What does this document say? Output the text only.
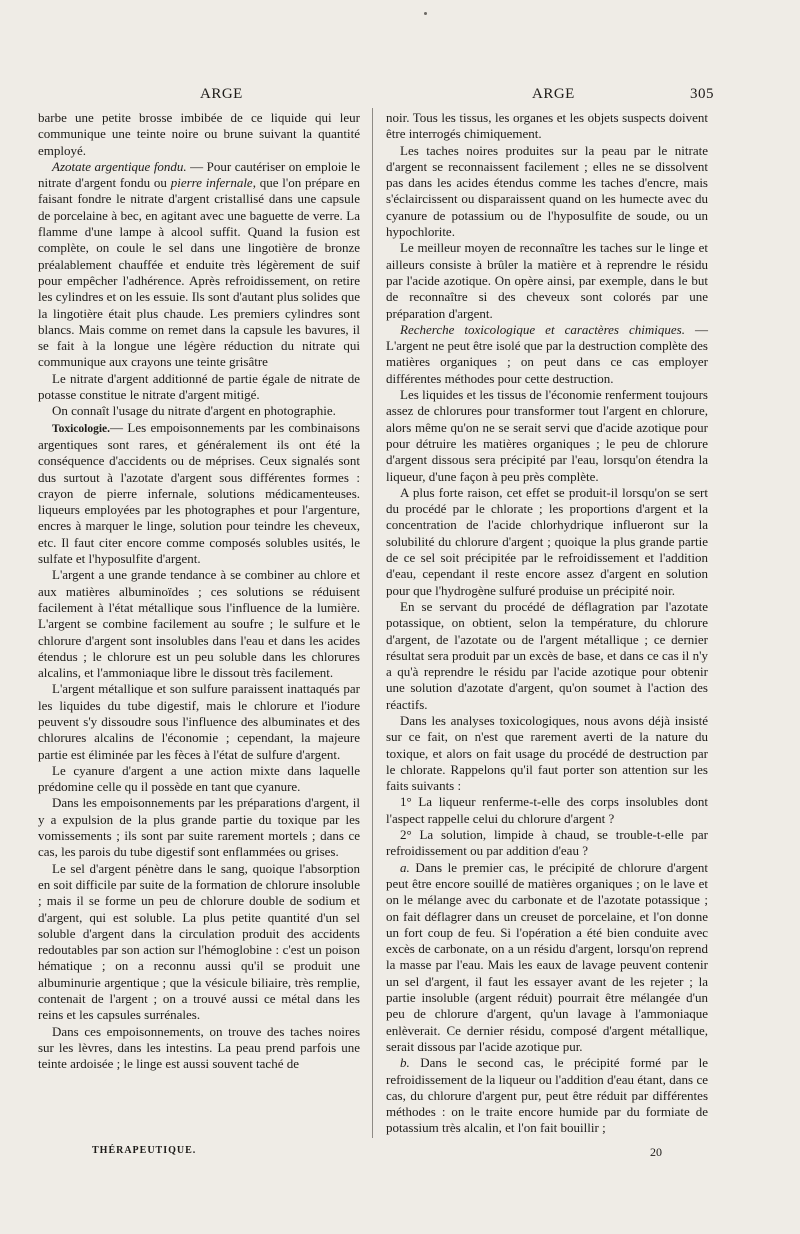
ARGE	ARGE	305

barbe une petite brosse imbibée de ce liquide qui leur communique une teinte noire ou brune suivant la quantité employé.

Azotate argentique fondu. — Pour cautériser on emploie le nitrate d'argent fondu ou pierre infernale, que l'on prépare en faisant fondre le nitrate d'argent cristallisé dans une capsule de porcelaine à bec, en agitant avec une baguette de verre. La flamme d'une lampe à alcool suffit. Quand la fusion est complète, on coule le sel dans une lingotière de bronze préalablement chauffée et enduite très légèrement de suif pour empêcher l'adhérence. Après refroidissement, on retire les cylindres et on les essuie. Ils sont d'autant plus solides que la lingotière était plus chaude. Les premiers cylindres sont blancs. Mais comme on remet dans la capsule les bavures, il se fait à la longue une légère réduction du nitrate qui communique aux crayons une teinte grisâtre

Le nitrate d'argent additionné de partie égale de nitrate de potasse constitue le nitrate d'argent mitigé.

On connaît l'usage du nitrate d'argent en photographie.

Toxicologie.— Les empoisonnements par les combinaisons argentiques sont rares, et généralement ils ont été la conséquence d'accidents ou de méprises. Ceux signalés sont dus surtout à l'azotate d'argent sous différentes formes : crayon de pierre infernale, solutions médicamenteuses. liqueurs employées par les photographes et pour l'argenture, encres à marquer le linge, solution pour teindre les cheveux, etc. Il faut citer encore comme composés solubles usités, le sulfate et l'hyposulfite d'argent.

L'argent a une grande tendance à se combiner au chlore et aux matières albuminoïdes ; ces solutions se réduisent facilement à l'état métallique sous l'influence de la lumière. L'argent se combine facilement au soufre ; le sulfure et le chlorure d'argent sont insolubles dans l'eau et dans les acides étendus ; le chlorure est un peu soluble dans les chlorures alcalins, et l'ammoniaque libre le dissout très facilement.

L'argent métallique et son sulfure paraissent inattaqués par les liquides du tube digestif, mais le chlorure et l'iodure peuvent s'y dissoudre sous l'influence des albuminates et des chlorures alcalins de l'économie ; cependant, la majeure partie est éliminée par les fèces à l'état de sulfure d'argent.

Le cyanure d'argent a une action mixte dans laquelle prédomine celle qu il possède en tant que cyanure.

Dans les empoisonnements par les préparations d'argent, il y a expulsion de la plus grande partie du toxique par les vomissements ; ils sont par suite rarement mortels ; dans ce cas, les parois du tube digestif sont enflammées ou grises.

Le sel d'argent pénètre dans le sang, quoique l'absorption en soit difficile par suite de la formation de chlorure insoluble ; mais il se forme un peu de chlorure double de sodium et d'argent, qui est soluble. La plus petite quantité d'un sel soluble d'argent dans la circulation produit des accidents redoutables par son action sur l'hémoglobine : c'est un poison hématique ; on a reconnu aussi qu'il se produit une albuminurie argentique ; que la vésicule biliaire, très remplie, contenait de l'argent ; on a trouvé aussi ce métal dans les reins et les capsules surrénales.

Dans ces empoisonnements, on trouve des taches noires sur les lèvres, dans les intestins. La peau prend parfois une teinte ardoisée ; le linge est aussi souvent taché de

noir. Tous les tissus, les organes et les objets suspects doivent être interrogés chimiquement.

Les taches noires produites sur la peau par le nitrate d'argent se reconnaissent facilement ; elles ne se dissolvent pas dans les acides étendus comme les taches d'encre, mais s'éclaircissent ou disparaissent quand on les humecte avec du cyanure de potassium ou de l'hyposulfite de soude, ou un hypochlorite.

Le meilleur moyen de reconnaître les taches sur le linge et ailleurs consiste à brûler la matière et à reprendre le résidu par l'acide azotique. On opère ainsi, par exemple, dans le but de reconnaître si des cheveux sont colorés par une préparation d'argent.

Recherche toxicologique et caractères chimiques. — L'argent ne peut être isolé que par la destruction complète des matières organiques ; on peut dans ce cas employer différentes méthodes pour cette destruction.

Les liquides et les tissus de l'économie renferment toujours assez de chlorures pour transformer tout l'argent en chlorure, alors même qu'on ne se serait servi que d'acide azotique pour pour détruire les matières organiques ; le peu de chlorure d'argent dissous sera précipité par l'eau, lorsqu'on étendra la liqueur, d'une façon à peu près complète.

A plus forte raison, cet effet se produit-il lorsqu'on se sert du procédé par le chlorate ; les proportions d'argent et la concentration de l'acide chlorhydrique influeront sur la solubilité du chlorure d'argent ; quoique la plus grande partie de ce sel soit précipitée par le refroidissement et l'addition d'eau, cependant il reste encore assez d'argent en solution pour que l'hydrogène sulfuré produise un précipité noir.

En se servant du procédé de déflagration par l'azotate potassique, on obtient, selon la température, du chlorure d'argent, de l'azotate ou de l'argent métallique ; ce dernier résultat sera produit par un excès de base, et dans ce cas il n'y a qu'à reprendre le résidu par l'acide azotique pour obtenir une solution d'azotate d'argent, qu'on soumet à l'action des réactifs.

Dans les analyses toxicologiques, nous avons déjà insisté sur ce fait, on n'est que rarement averti de la nature du toxique, et alors on fait usage du procédé de destruction par le chlorate. Rappelons qu'il faut porter son attention sur les faits suivants :

1° La liqueur renferme-t-elle des corps insolubles dont l'aspect rappelle celui du chlorure d'argent ?

2° La solution, limpide à chaud, se trouble-t-elle par refroidissement ou par addition d'eau ?

a. Dans le premier cas, le précipité de chlorure d'argent peut être encore souillé de matières organiques ; on le lave et on le mélange avec du carbonate et de l'azotate potassique ; on fait déflagrer dans un creuset de porcelaine, et l'on donne un fort coup de feu. Si l'opération a été bien conduite avec excès de carbonate, on a un résidu d'argent, lorsqu'on reprend la masse par l'eau. Mais les eaux de lavage peuvent contenir un sel d'argent, il faut les essayer avant de les rejeter ; la partie insoluble (argent réduit) pourrait être mélangée d'un peu de chlorure d'argent, qu'un lavage à l'ammoniaque enlèverait. Ce dernier résidu, composé d'argent métallique, serait dissous par l'acide azotique pur.

b. Dans le second cas, le précipité formé par le refroidissement de la liqueur ou l'addition d'eau étant, dans ce cas, du chlorure d'argent pur, peut être réduit par différentes méthodes : on le traite encore humide par du formiate de potassium très alcalin, et l'on fait bouillir ;

THÉRAPEUTIQUE.	20
